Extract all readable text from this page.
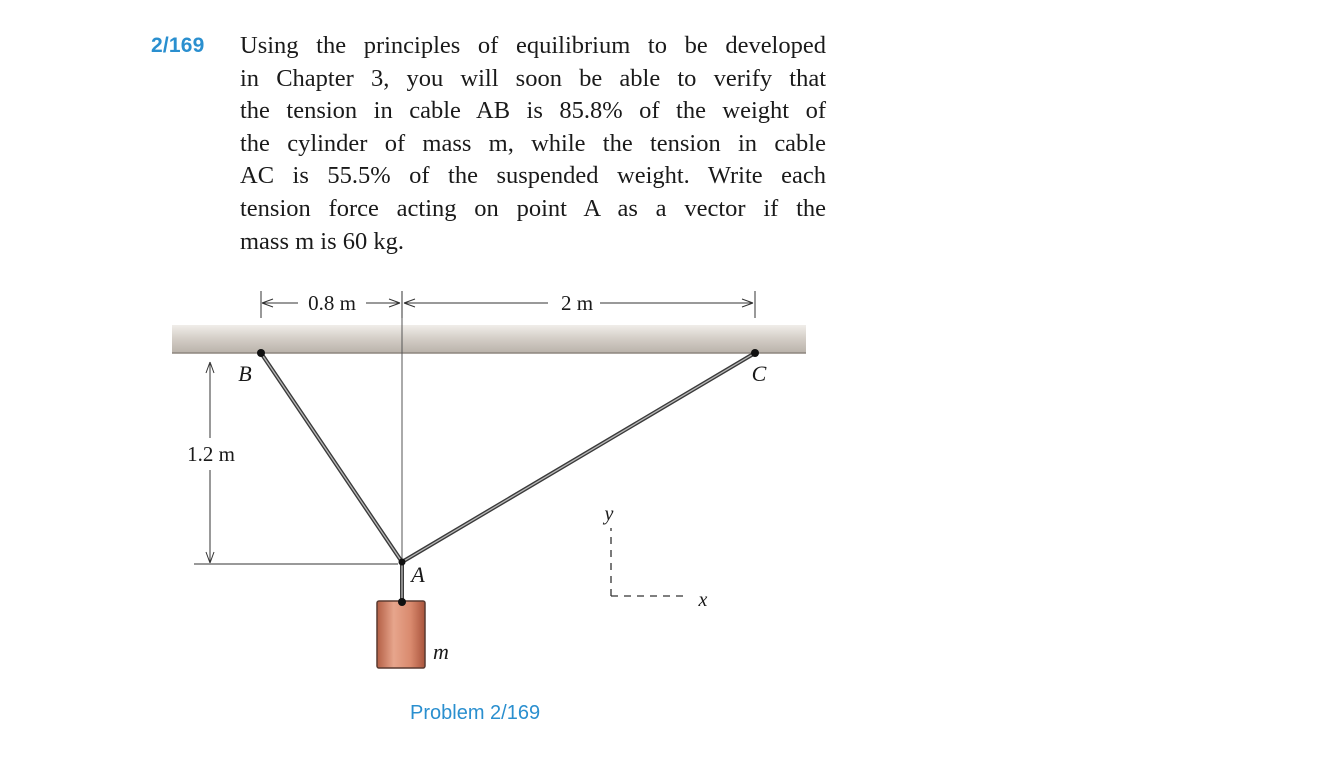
2/169 Using the principles of equilibrium to be developed
in Chapter 3, you will soon be able to verify that
the tension in cable AB is 85.8% of the weight of
the cylinder of mass m, while the tension in cable
AC is 55.5% of the suspended weight. Write each
tension force acting on point A as a vector if the
mass m is 60 kg.
0.8 m	2 m
1.2 m
B	C
A
m
y
x
Problem 2/169
